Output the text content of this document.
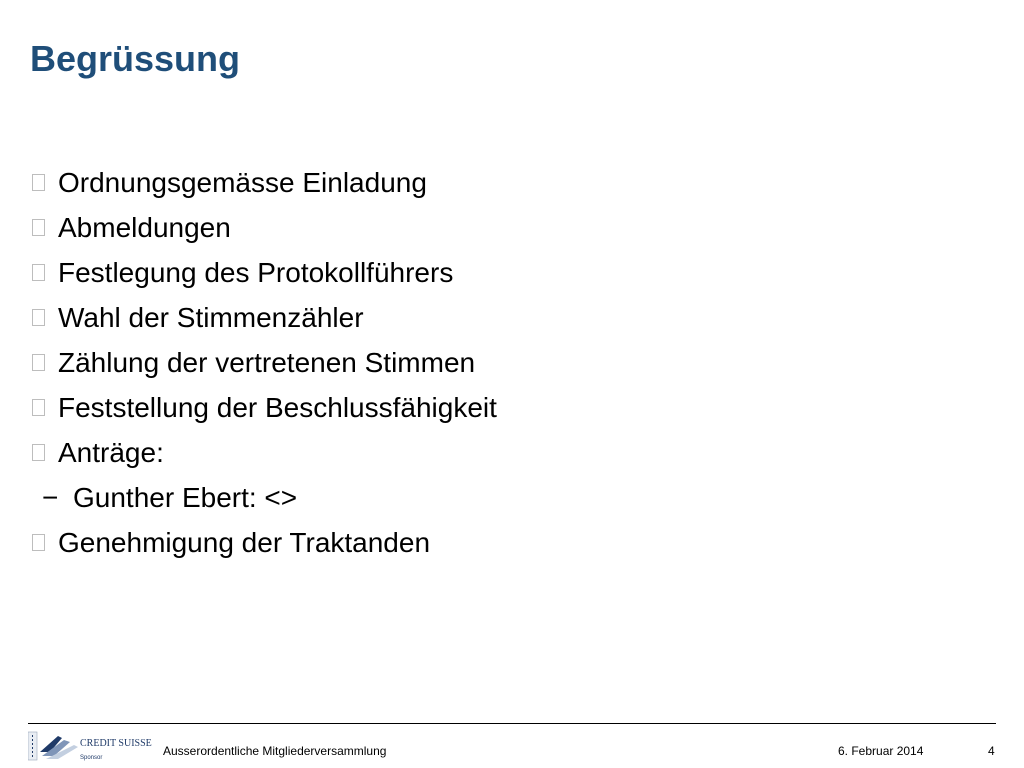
Begrüssung
Ordnungsgemässe Einladung
Abmeldungen
Festlegung des Protokollführers
Wahl der Stimmenzähler
Zählung der vertretenen Stimmen
Feststellung der Beschlussfähigkeit
Anträge:
− Gunther Ebert: <>
Genehmigung der Traktanden
CREDIT SUISSE
Sponsor	Ausserordentliche Mitgliederversammlung	6. Februar 2014	4
